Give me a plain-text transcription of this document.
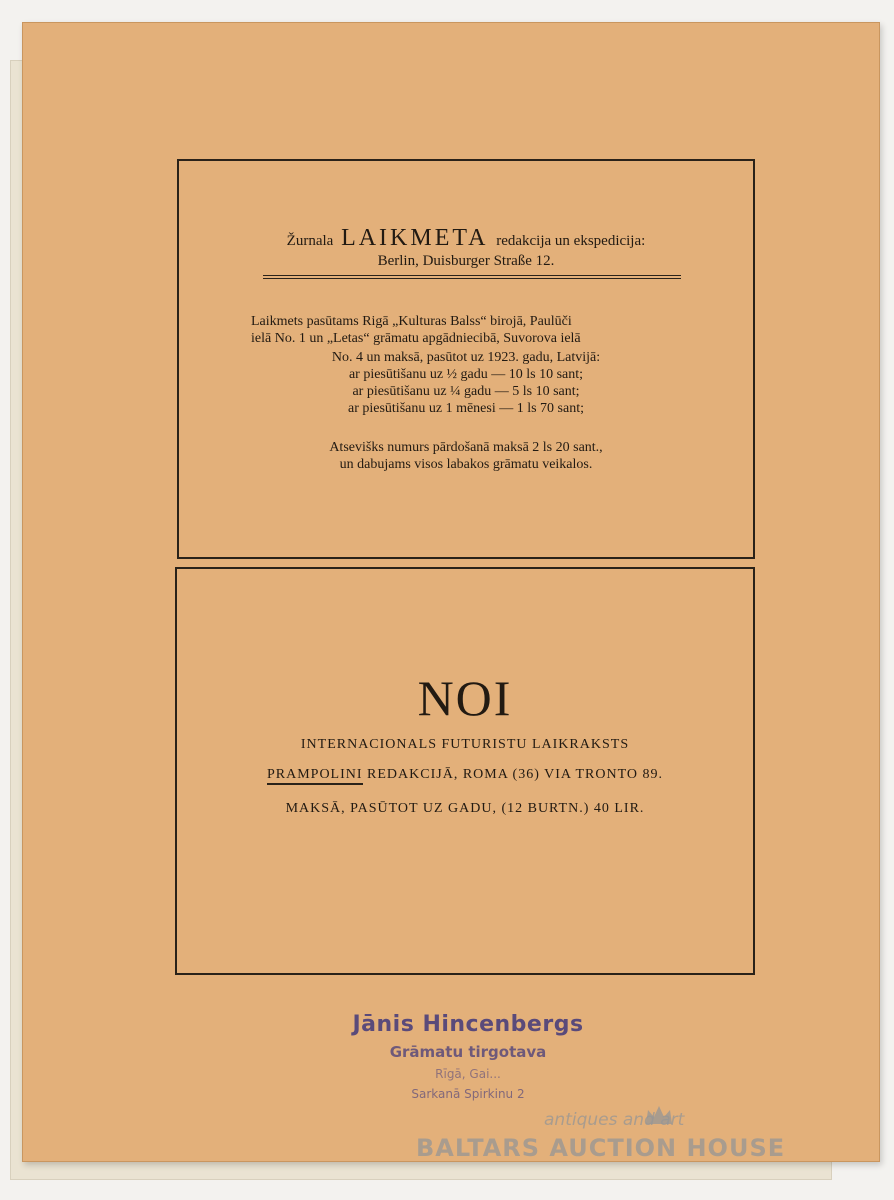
Žurnala LAIKMETA redakcija un ekspedicija:
Berlin, Duisburger Straße 12.
Laikmets pasūtams Rigā „Kulturas Balss“ birojā, Paulūči
ielā No. 1 un „Letas“ grāmatu apgādniecibā, Suvorova ielā
No. 4 un maksā, pasūtot uz 1923. gadu, Latvijā:
ar piesūtišanu uz ½ gadu — 10 ls 10 sant;
ar piesūtišanu uz ¼ gadu — 5 ls 10 sant;
ar piesūtišanu uz 1 mēnesi — 1 ls 70 sant;
Atsevišks numurs pārdošanā maksā 2 ls 20 sant.,
un dabujams visos labakos grāmatu veikalos.
NOI
INTERNACIONALS FUTURISTU LAIKRAKSTS
PRAMPOLINI REDAKCIJĀ, ROMA (36) VIA TRONTO 89.
MAKSĀ, PASŪTOT UZ GADU, (12 BURTN.) 40 LIR.
Jānis Hincenbergs
Grāmatu tirgotava
Rīgā, Gai...
Sarkanā Spirkinu 2
antiques and art
BALTARS AUCTION HOUSE
